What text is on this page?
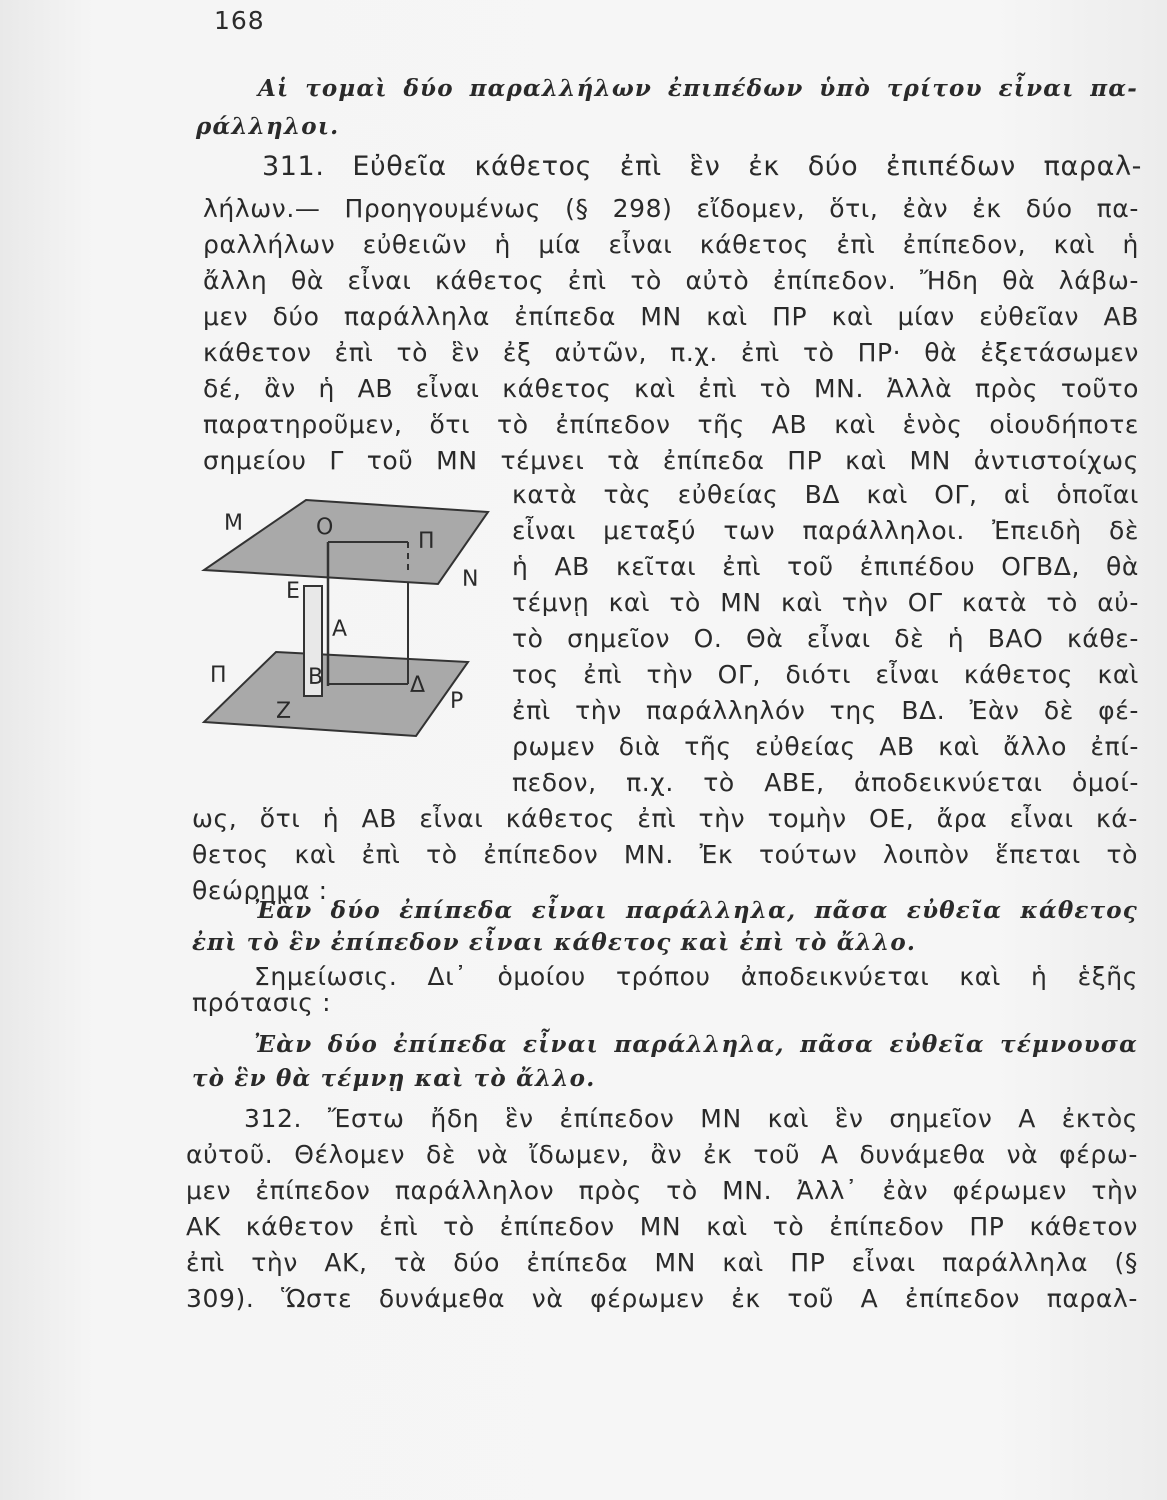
168
Αἱ τομαὶ δύο παραλλήλων ἐπιπέδων ὑπὸ τρίτου εἶναι πα-
ράλληλοι.
311. Εὐθεῖα κάθετος ἐπὶ ἓν ἐκ δύο ἐπιπέδων παραλ-
λήλων.— Προηγουμένως (§ 298) εἴδομεν, ὅτι, ἐὰν ἐκ δύο πα-
ραλλήλων εὐθειῶν ἡ μία εἶναι κάθετος ἐπὶ ἐπίπεδον, καὶ ἡ
ἄλλη θὰ εἶναι κάθετος ἐπὶ τὸ αὐτὸ ἐπίπεδον. Ἤδη θὰ λάβω-
μεν δύο παράλληλα ἐπίπεδα ΜΝ καὶ ΠΡ καὶ μίαν εὐθεῖαν ΑΒ
κάθετον ἐπὶ τὸ ἓν ἐξ αὐτῶν, π.χ. ἐπὶ τὸ ΠΡ· θὰ ἐξετάσωμεν
δέ, ἂν ἡ ΑΒ εἶναι κάθετος καὶ ἐπὶ τὸ ΜΝ. Ἀλλὰ πρὸς τοῦτο
παρατηροῦμεν, ὅτι τὸ ἐπίπεδον τῆς ΑΒ καὶ ἑνὸς οἱουδήποτε
σημείου Γ τοῦ ΜΝ τέμνει τὰ ἐπίπεδα ΠΡ καὶ ΜΝ ἀντιστοίχως
Μ	Ο
Π
Ν
Ε
Α
Π	Β	Δ
Ζ	Ρ
κατὰ τὰς εὐθείας ΒΔ καὶ ΟΓ, αἱ ὁποῖαι
εἶναι μεταξύ των παράλληλοι. Ἐπειδὴ δὲ
ἡ ΑΒ κεῖται ἐπὶ τοῦ ἐπιπέδου ΟΓΒΔ, θὰ
τέμνῃ καὶ τὸ ΜΝ καὶ τὴν ΟΓ κατὰ τὸ αὐ-
τὸ σημεῖον Ο. Θὰ εἶναι δὲ ἡ ΒΑΟ κάθε-
τος ἐπὶ τὴν ΟΓ, διότι εἶναι κάθετος καὶ
ἐπὶ τὴν παράλληλόν της ΒΔ. Ἐὰν δὲ φέ-
ρωμεν διὰ τῆς εὐθείας ΑΒ καὶ ἄλλο ἐπί-
πεδον, π.χ. τὸ ΑΒΕ, ἀποδεικνύεται ὁμοί-
ως, ὅτι ἡ ΑΒ εἶναι κάθετος ἐπὶ τὴν τομὴν ΟΕ, ἄρα εἶναι κά-
θετος καὶ ἐπὶ τὸ ἐπίπεδον ΜΝ. Ἐκ τούτων λοιπὸν ἕπεται τὸ
θεώρημα :
Ἐὰν δύο ἐπίπεδα εἶναι παράλληλα, πᾶσα εὐθεῖα κάθετος
ἐπὶ τὸ ἓν ἐπίπεδον εἶναι κάθετος καὶ ἐπὶ τὸ ἄλλο.
Σημείωσις. Δι᾽ ὁμοίου τρόπου ἀποδεικνύεται καὶ ἡ ἑξῆς
πρότασις :
Ἐὰν δύο ἐπίπεδα εἶναι παράλληλα, πᾶσα εὐθεῖα τέμνουσα
τὸ ἓν θὰ τέμνῃ καὶ τὸ ἄλλο.
312. Ἔστω ἤδη ἓν ἐπίπεδον ΜΝ καὶ ἓν σημεῖον Α ἐκτὸς
αὐτοῦ. Θέλομεν δὲ νὰ ἴδωμεν, ἂν ἐκ τοῦ Α δυνάμεθα νὰ φέρω-
μεν ἐπίπεδον παράλληλον πρὸς τὸ ΜΝ. Ἀλλ᾽ ἐὰν φέρωμεν τὴν
ΑΚ κάθετον ἐπὶ τὸ ἐπίπεδον ΜΝ καὶ τὸ ἐπίπεδον ΠΡ κάθετον
ἐπὶ τὴν ΑΚ, τὰ δύο ἐπίπεδα ΜΝ καὶ ΠΡ εἶναι παράλληλα (§
309). Ὥστε δυνάμεθα νὰ φέρωμεν ἐκ τοῦ Α ἐπίπεδον παραλ-
